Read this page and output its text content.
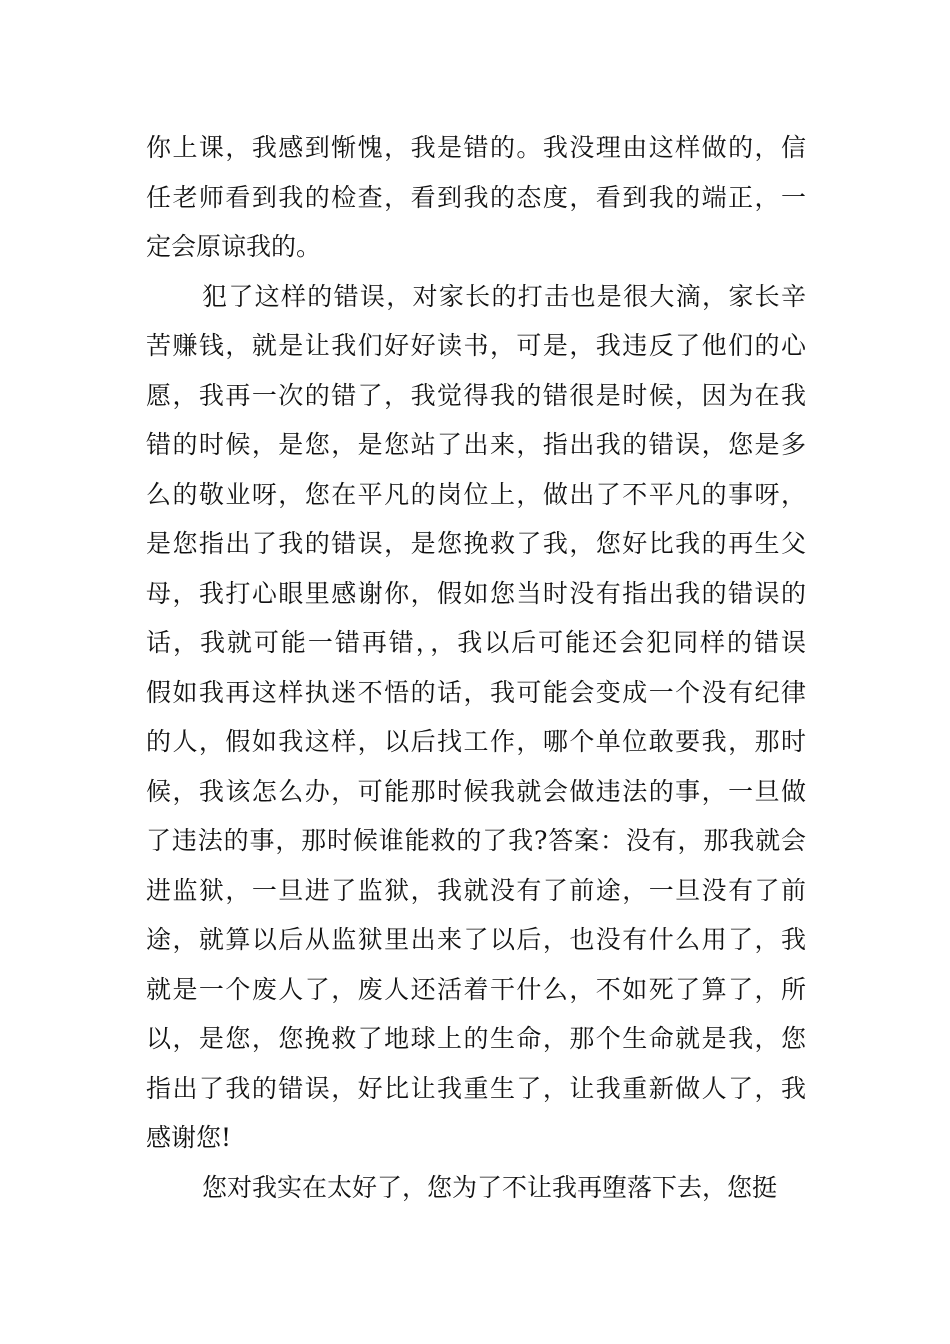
你上课，我感到惭愧，我是错的。我没理由这样做的，信
任老师看到我的检查，看到我的态度，看到我的端正，一
定会原谅我的。
犯了这样的错误，对家长的打击也是很大滴，家长辛
苦赚钱，就是让我们好好读书，可是，我违反了他们的心
愿，我再一次的错了，我觉得我的错很是时候，因为在我
错的时候，是您，是您站了出来，指出我的错误，您是多
么的敬业呀，您在平凡的岗位上，做出了不平凡的事呀，
是您指出了我的错误，是您挽救了我，您好比我的再生父
母，我打心眼里感谢你，假如您当时没有指出我的错误的
话，我就可能一错再错，，我以后可能还会犯同样的错误
假如我再这样执迷不悟的话，我可能会变成一个没有纪律
的人，假如我这样，以后找工作，哪个单位敢要我，那时
候，我该怎么办，可能那时候我就会做违法的事，一旦做
了违法的事，那时候谁能救的了我?答案：没有，那我就会
进监狱，一旦进了监狱，我就没有了前途，一旦没有了前
途，就算以后从监狱里出来了以后，也没有什么用了，我
就是一个废人了，废人还活着干什么，不如死了算了，所
以，是您，您挽救了地球上的生命，那个生命就是我，您
指出了我的错误，好比让我重生了，让我重新做人了，我
感谢您!
您对我实在太好了，您为了不让我再堕落下去，您挺
